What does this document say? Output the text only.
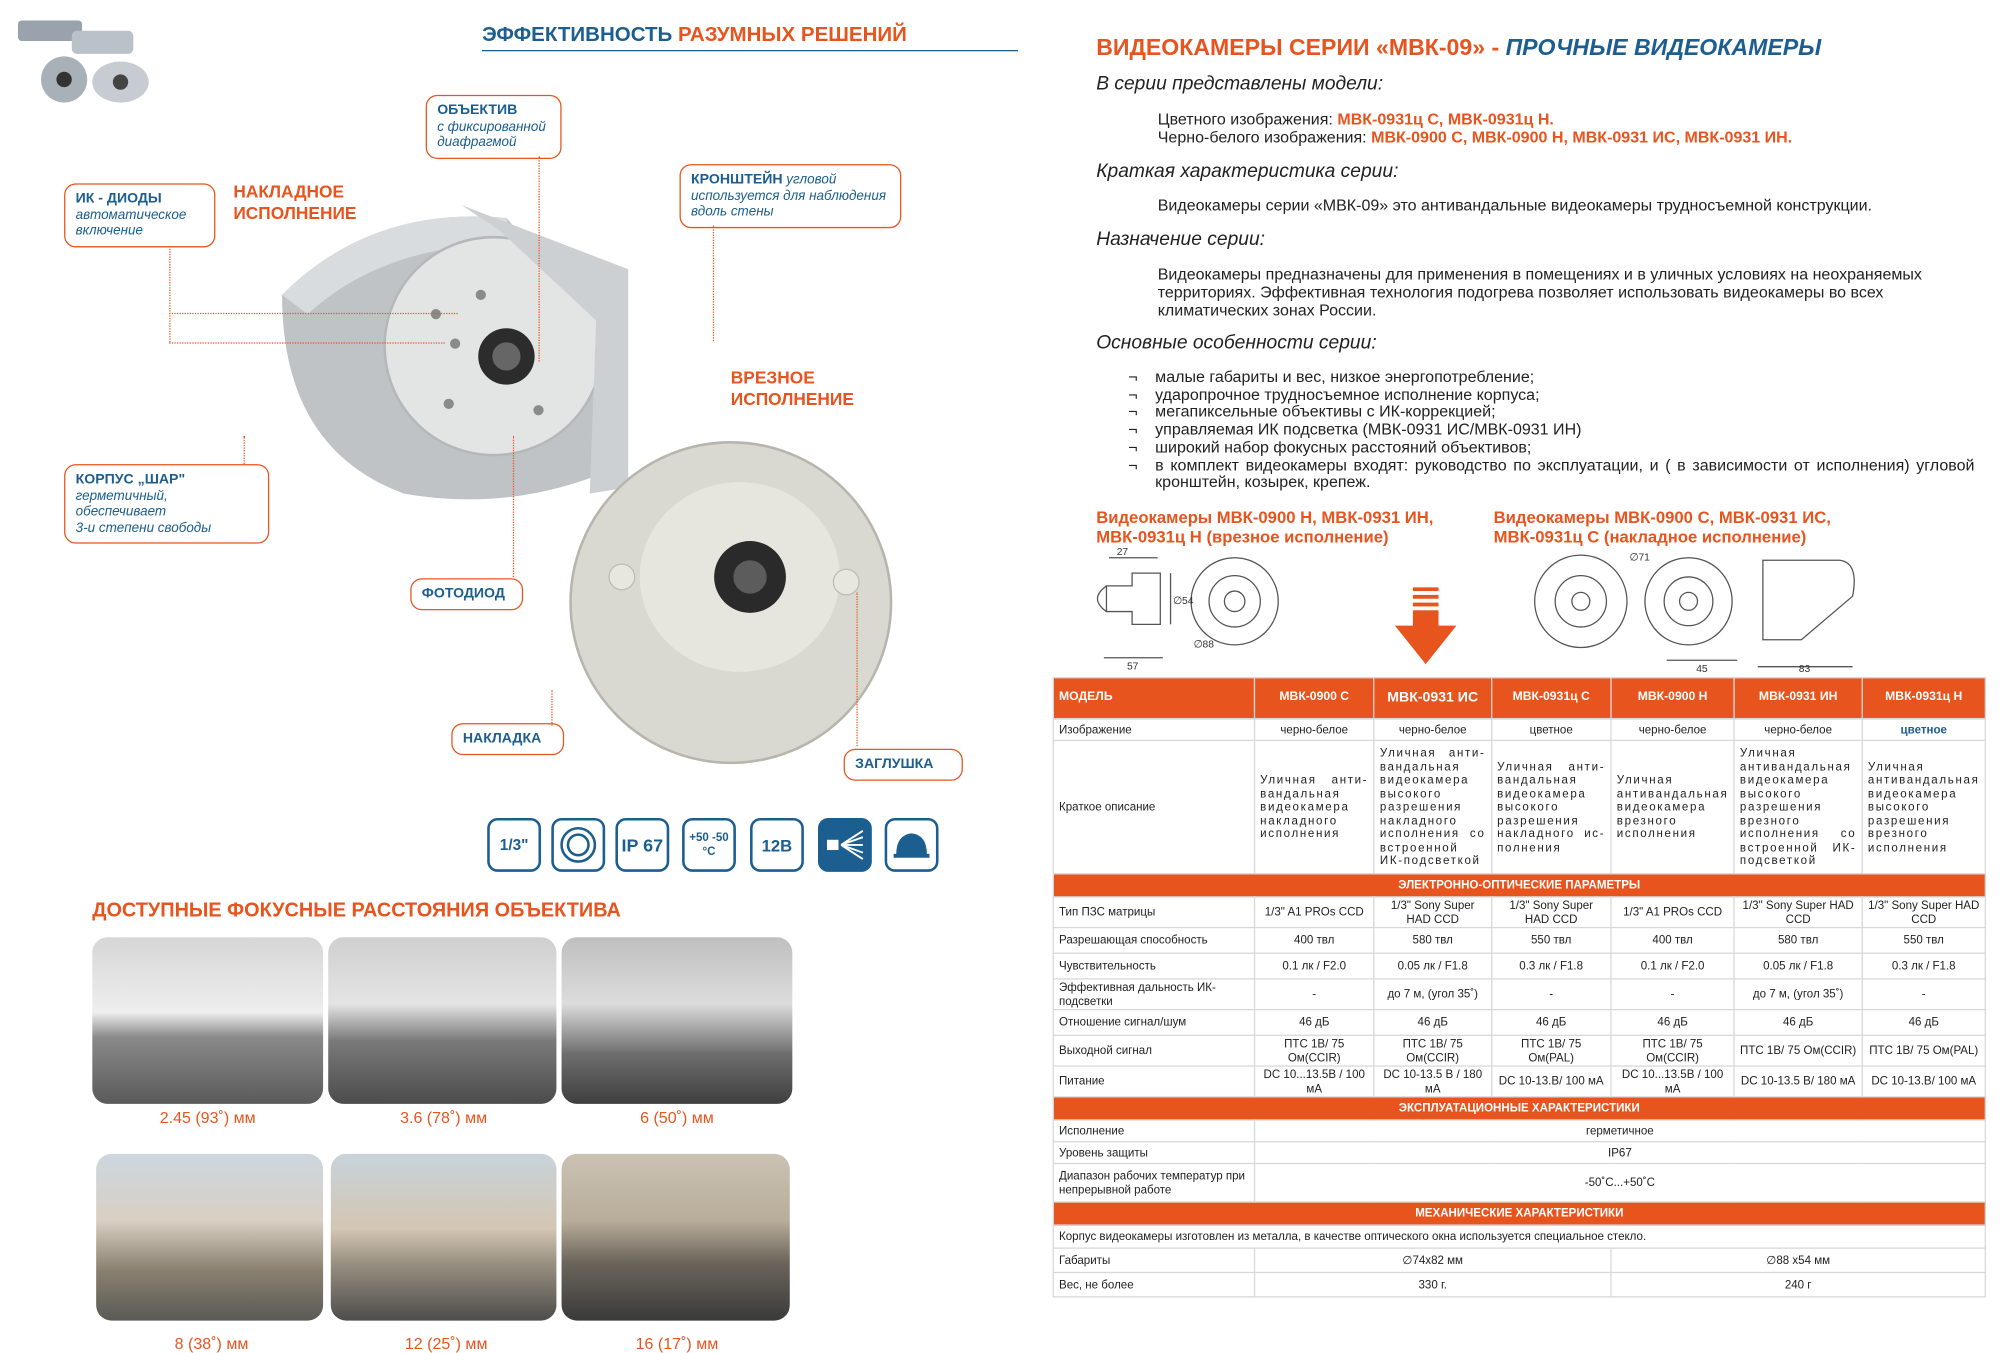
ЭФФЕКТИВНОСТЬ РАЗУМНЫХ РЕШЕНИЙ
НАКЛАДНОЕ
ИСПОЛНЕНИЕ
ВРЕЗНОЕ
ИСПОЛНЕНИЕ
ОБЪЕКТИВ
с фиксированной
диафрагмой
ИК - ДИОДЫ
автоматическое
включение
КРОНШТЕЙН угловой
используется для наблюдения
вдоль стены
КОРПУС „ШАР"
герметичный, обеспечивает
3-и степени свободы
ФОТОДИОД
НАКЛАДКА
ЗАГЛУШКА
1/3"	IP 67	+50 -50 °C	12В
ДОСТУПНЫЕ ФОКУСНЫЕ РАССТОЯНИЯ ОБЪЕКТИВА
2.45 (93˚) мм	3.6 (78˚) мм	6 (50˚) мм
8 (38˚) мм	12 (25˚) мм	16 (17˚) мм
ВИДЕОКАМЕРЫ СЕРИИ «МВК-09» - ПРОЧНЫЕ ВИДЕОКАМЕРЫ
В серии представлены модели:
Цветного изображения: МВК-0931ц С, МВК-0931ц Н.
Черно-белого изображения: МВК-0900 С, МВК-0900 Н, МВК-0931 ИС, МВК-0931 ИН.
Краткая характеристика серии:
Видеокамеры серии «МВК-09» это антивандальные видеокамеры трудносъемной конструкции.
Назначение серии:
Видеокамеры предназначены для применения в помещениях и в уличных условиях на неохраняемых территориях. Эффективная технология подогрева позволяет использовать видеокамеры во всех климатических зонах России.
Основные особенности серии:
¬	малые габариты и вес, низкое энергопотребление;
¬	ударопрочное трудносъемное исполнение корпуса;
¬	мегапиксельные объективы с ИК-коррекцией;
¬	управляемая ИК подсветка (МВК-0931 ИС/МВК-0931 ИН)
¬	широкий набор фокусных расстояний объективов;
¬	в комплект видеокамеры входят: руководство по эксплуатации, и ( в зависимости от исполнения) угловой кронштейн, козырек, крепеж.
Видеокамеры МВК-0900 Н, МВК-0931 ИН,
МВК-0931ц Н (врезное исполнение)
Видеокамеры МВК-0900 С, МВК-0931 ИС,
МВК-0931ц С (накладное исполнение)
27
∅54
57
∅88
∅71
45	83
МОДЕЛЬ	МВК-0900 С	МВК-0931 ИС	МВК-0931ц С	МВК-0900 Н	МВК-0931 ИН	МВК-0931ц Н
Изображение	черно-белое	черно-белое	цветное	черно-белое	черно-белое	цветное
Краткое описание	Уличная анти-вандальная видеокамера накладного исполнения	Уличная анти-вандальная видеокамера высокого разрешения накладного исполнения со встроенной ИК-подсветкой	Уличная анти-вандальная видеокамера высокого разрешения накладного ис-полнения	Уличная антивандальная видеокамера врезного исполнения	Уличная антивандальная видеокамера высокого разрешения врезного исполнения со встроенной ИК-подсветкой	Уличная антивандальная видеокамера высокого разрешения врезного исполнения
ЭЛЕКТРОННО-ОПТИЧЕСКИЕ ПАРАМЕТРЫ						
Тип ПЗС матрицы	1/3" A1 PROs CCD	1/3" Sony Super HAD CCD	1/3" Sony Super HAD CCD	1/3" A1 PROs CCD	1/3" Sony Super HAD CCD	1/3" Sony Super HAD CCD
Разрешающая способность	400 твл	580 твл	550 твл	400 твл	580 твл	550 твл
Чувствительность	0.1 лк / F2.0	0.05 лк / F1.8	0.3 лк / F1.8	0.1 лк / F2.0	0.05 лк / F1.8	0.3 лк / F1.8
Эффективная дальность ИК-подсветки	-	до 7 м, (угол 35˚)	-	-	до 7 м, (угол 35˚)	-
Отношение сигнал/шум	46 дБ	46 дБ	46 дБ	46 дБ	46 дБ	46 дБ
Выходной сигнал	ПТС 1В/ 75 Ом(CCIR)	ПТС 1В/ 75 Ом(CCIR)	ПТС 1В/ 75 Ом(PAL)	ПТС 1В/ 75 Ом(CCIR)	ПТС 1В/ 75 Ом(CCIR)	ПТС 1В/ 75 Ом(PAL)
Питание	DC 10...13.5В / 100 мА	DC 10-13.5 В / 180 мА	DC 10-13.В/ 100 мА	DC 10...13.5В / 100 мА	DC 10-13.5 В/ 180 мА	DC 10-13.В/ 100 мА
ЭКСПЛУАТАЦИОННЫЕ ХАРАКТЕРИСТИКИ						
Исполнение	герметичное					
Уровень защиты	IP67					
Диапазон рабочих температур при непрерывной работе	-50˚C...+50˚C					
МЕХАНИЧЕСКИЕ ХАРАКТЕРИСТИКИ						
Корпус видеокамеры изготовлен из металла, в качестве оптического окна используется специальное стекло.						
Габариты	∅74x82 мм			∅88 x54 мм		
Вес, не более	330 г.			240 г		
